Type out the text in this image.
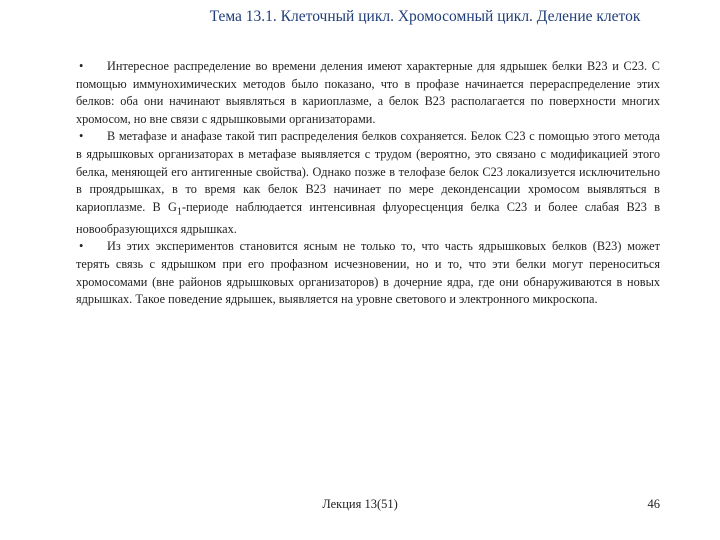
Тема 13.1. Клеточный цикл. Хромосомный цикл. Деление клеток

• Интересное распределение во времени деления имеют характерные для ядрышек белки В23 и С23. С помощью иммунохимических методов было показано, что в профазе начинается перераспределение этих белков: оба они начинают выявляться в кариоплазме, а белок В23 располагается по поверхности многих хромосом, но вне связи с ядрышковыми организаторами.

• В метафазе и анафазе такой тип распределения белков сохраняется. Белок С23 с помощью этого метода в ядрышковых организаторах в метафазе выявляется с трудом (вероятно, это связано с модификацией этого белка, меняющей его антигенные свойства). Однако позже в телофазе белок С23 локализуется исключительно в проядрышках, в то время как белок В23 начинает по мере деконденсации хромосом выявляться в кариоплазме. В $G_1$-периоде наблюдается интенсивная флуоресценция белка С23 и более слабая В23 в новообразующихся ядрышках.

• Из этих экспериментов становится ясным не только то, что часть ядрышковых белков (В23) может терять связь с ядрышком при его профазном исчезновении, но и то, что эти белки могут переноситься хромосомами (вне районов ядрышковых организаторов) в дочерние ядра, где они обнаруживаются в новых ядрышках. Такое поведение ядрышек, выявляется на уровне светового и электронного микроскопа.

Лекция 13(51)	46
